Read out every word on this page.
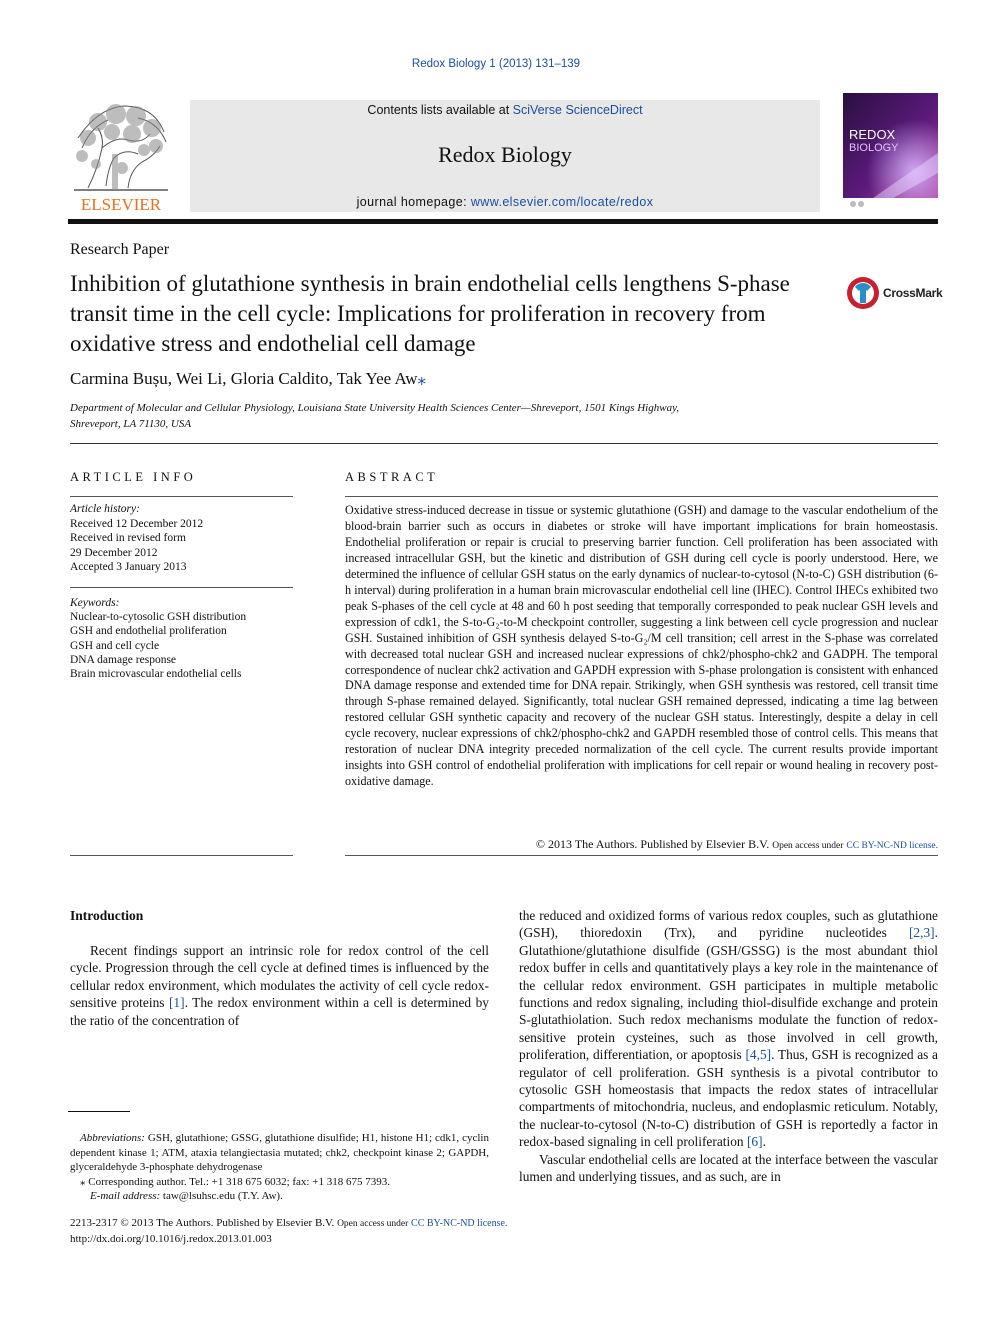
Redox Biology 1 (2013) 131–139
ELSEVIER
Contents lists available at SciVerse ScienceDirect
Redox Biology
journal homepage: www.elsevier.com/locate/redox
REDOX
BIOLOGY
Research Paper
Inhibition of glutathione synthesis in brain endothelial cells lengthens S-phase transit time in the cell cycle: Implications for proliferation in recovery from oxidative stress and endothelial cell damage
CrossMark
Carmina Bușu, Wei Li, Gloria Caldito, Tak Yee Aw⁎
Department of Molecular and Cellular Physiology, Louisiana State University Health Sciences Center—Shreveport, 1501 Kings Highway,
Shreveport, LA 71130, USA
ARTICLE INFO
Article history:
Received 12 December 2012
Received in revised form
29 December 2012
Accepted 3 January 2013
Keywords:
Nuclear-to-cytosolic GSH distribution
GSH and endothelial proliferation
GSH and cell cycle
DNA damage response
Brain microvascular endothelial cells
ABSTRACT
Oxidative stress-induced decrease in tissue or systemic glutathione (GSH) and damage to the vascular endothelium of the blood-brain barrier such as occurs in diabetes or stroke will have important implications for brain homeostasis. Endothelial proliferation or repair is crucial to preserving barrier function. Cell proliferation has been associated with increased intracellular GSH, but the kinetic and distribution of GSH during cell cycle is poorly understood. Here, we determined the influence of cellular GSH status on the early dynamics of nuclear-to-cytosol (N-to-C) GSH distribution (6-h interval) during proliferation in a human brain microvascular endothelial cell line (IHEC). Control IHECs exhibited two peak S-phases of the cell cycle at 48 and 60 h post seeding that temporally corresponded to peak nuclear GSH levels and expression of cdk1, the S-to-G₂-to-M checkpoint controller, suggesting a link between cell cycle progression and nuclear GSH. Sustained inhibition of GSH synthesis delayed S-to-G₂/M cell transition; cell arrest in the S-phase was correlated with decreased total nuclear GSH and increased nuclear expressions of chk2/phospho-chk2 and GADPH. The temporal correspondence of nuclear chk2 activation and GAPDH expression with S-phase prolongation is consistent with enhanced DNA damage response and extended time for DNA repair. Strikingly, when GSH synthesis was restored, cell transit time through S-phase remained delayed. Significantly, total nuclear GSH remained depressed, indicating a time lag between restored cellular GSH synthetic capacity and recovery of the nuclear GSH status. Interestingly, despite a delay in cell cycle recovery, nuclear expressions of chk2/phospho-chk2 and GAPDH resembled those of control cells. This means that restoration of nuclear DNA integrity preceded normalization of the cell cycle. The current results provide important insights into GSH control of endothelial proliferation with implications for cell repair or wound healing in recovery post-oxidative damage.
© 2013 The Authors. Published by Elsevier B.V. Open access under CC BY-NC-ND license.
Introduction
Recent findings support an intrinsic role for redox control of the cell cycle. Progression through the cell cycle at defined times is influenced by the cellular redox environment, which modulates the activity of cell cycle redox-sensitive proteins [1]. The redox environment within a cell is determined by the ratio of the concentration of

the reduced and oxidized forms of various redox couples, such as glutathione (GSH), thioredoxin (Trx), and pyridine nucleotides [2,3]. Glutathione/glutathione disulfide (GSH/GSSG) is the most abundant thiol redox buffer in cells and quantitatively plays a key role in the maintenance of the cellular redox environment. GSH participates in multiple metabolic functions and redox signaling, including thiol-disulfide exchange and protein S-glutathiolation. Such redox mechanisms modulate the function of redox-sensitive protein cysteines, such as those involved in cell growth, proliferation, differentiation, or apoptosis [4,5]. Thus, GSH is recognized as a regulator of cell proliferation. GSH synthesis is a pivotal contributor to cytosolic GSH homeostasis that impacts the redox states of intracellular compartments of mitochondria, nucleus, and endoplasmic reticulum. Notably, the nuclear-to-cytosol (N-to-C) distribution of GSH is reportedly a factor in redox-based signaling in cell proliferation [6].

Vascular endothelial cells are located at the interface between the vascular lumen and underlying tissues, and as such, are in

Abbreviations: GSH, glutathione; GSSG, glutathione disulfide; H1, histone H1; cdk1, cyclin dependent kinase 1; ATM, ataxia telangiectasia mutated; chk2, checkpoint kinase 2; GAPDH, glyceraldehyde 3-phosphate dehydrogenase
⁎ Corresponding author. Tel.: +1 318 675 6032; fax: +1 318 675 7393.
E-mail address: taw@lsuhsc.edu (T.Y. Aw).
2213-2317 © 2013 The Authors. Published by Elsevier B.V. Open access under CC BY-NC-ND license.
http://dx.doi.org/10.1016/j.redox.2013.01.003
